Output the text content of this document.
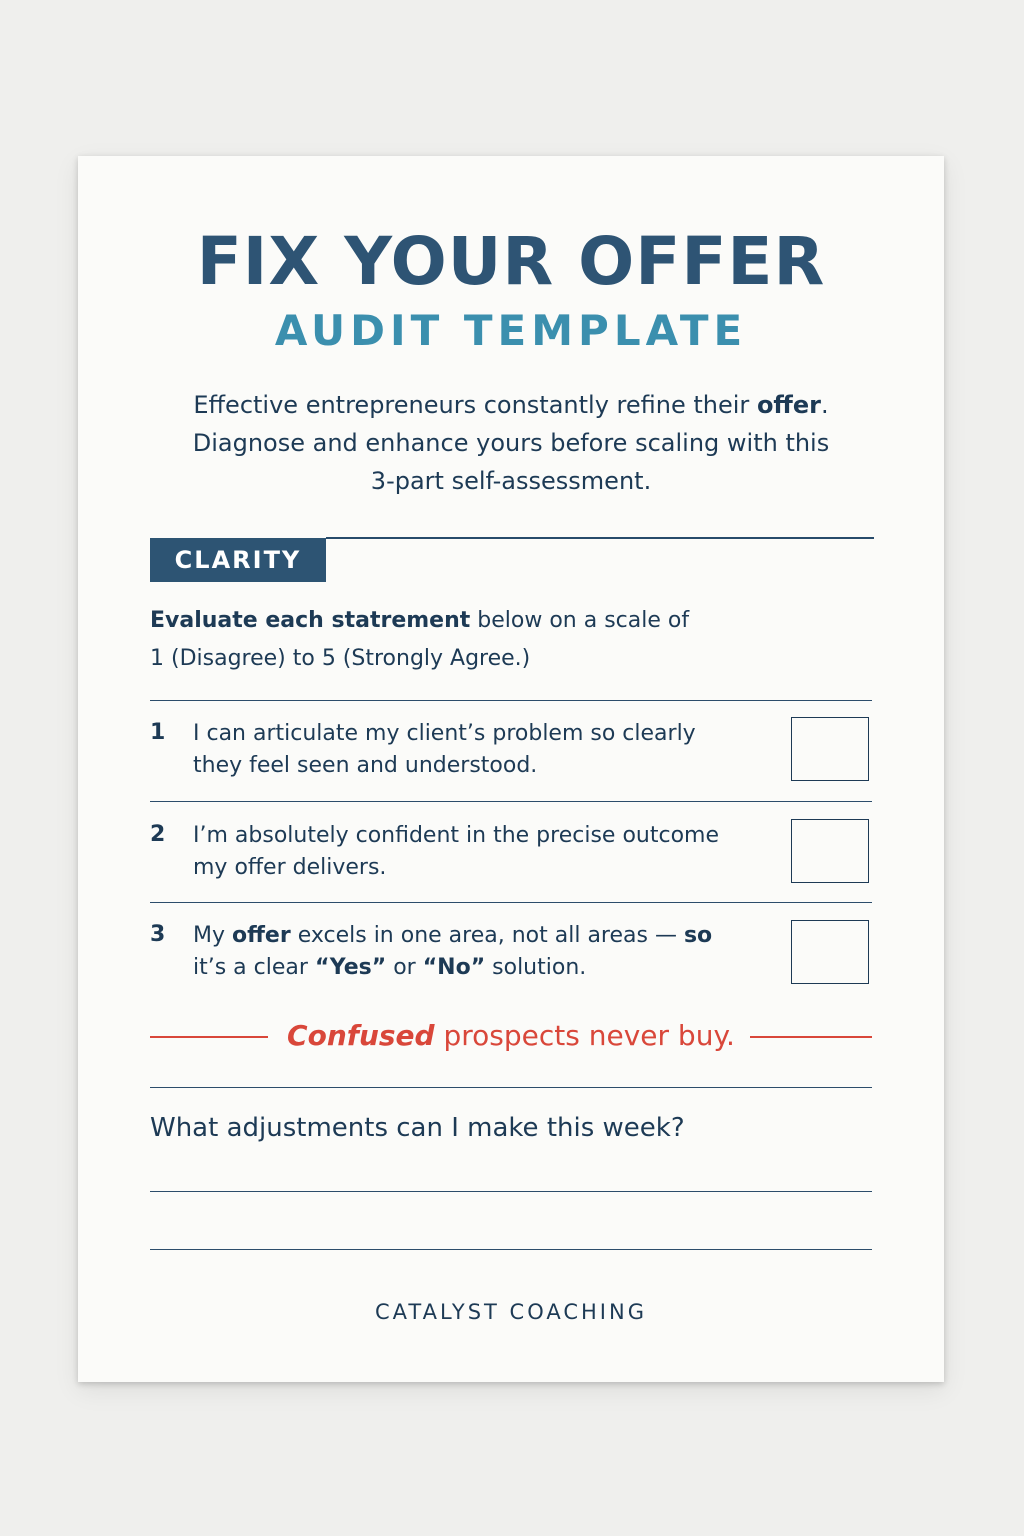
FIX YOUR OFFER
AUDIT TEMPLATE
Effective entrepreneurs constantly refine their offer.
Diagnose and enhance yours before scaling with this
3-part self-assessment.
CLARITY
Evaluate each statrement below on a scale of
1 (Disagree) to 5 (Strongly Agree.)
1 I can articulate my client’s problem so clearly
they feel seen and understood.
2 I’m absolutely confident in the precise outcome
my offer delivers.
3 My offer excels in one area, not all areas — so
it’s a clear “Yes” or “No” solution.
Confused prospects never buy.
What adjustments can I make this week?
CATALYST COACHING
